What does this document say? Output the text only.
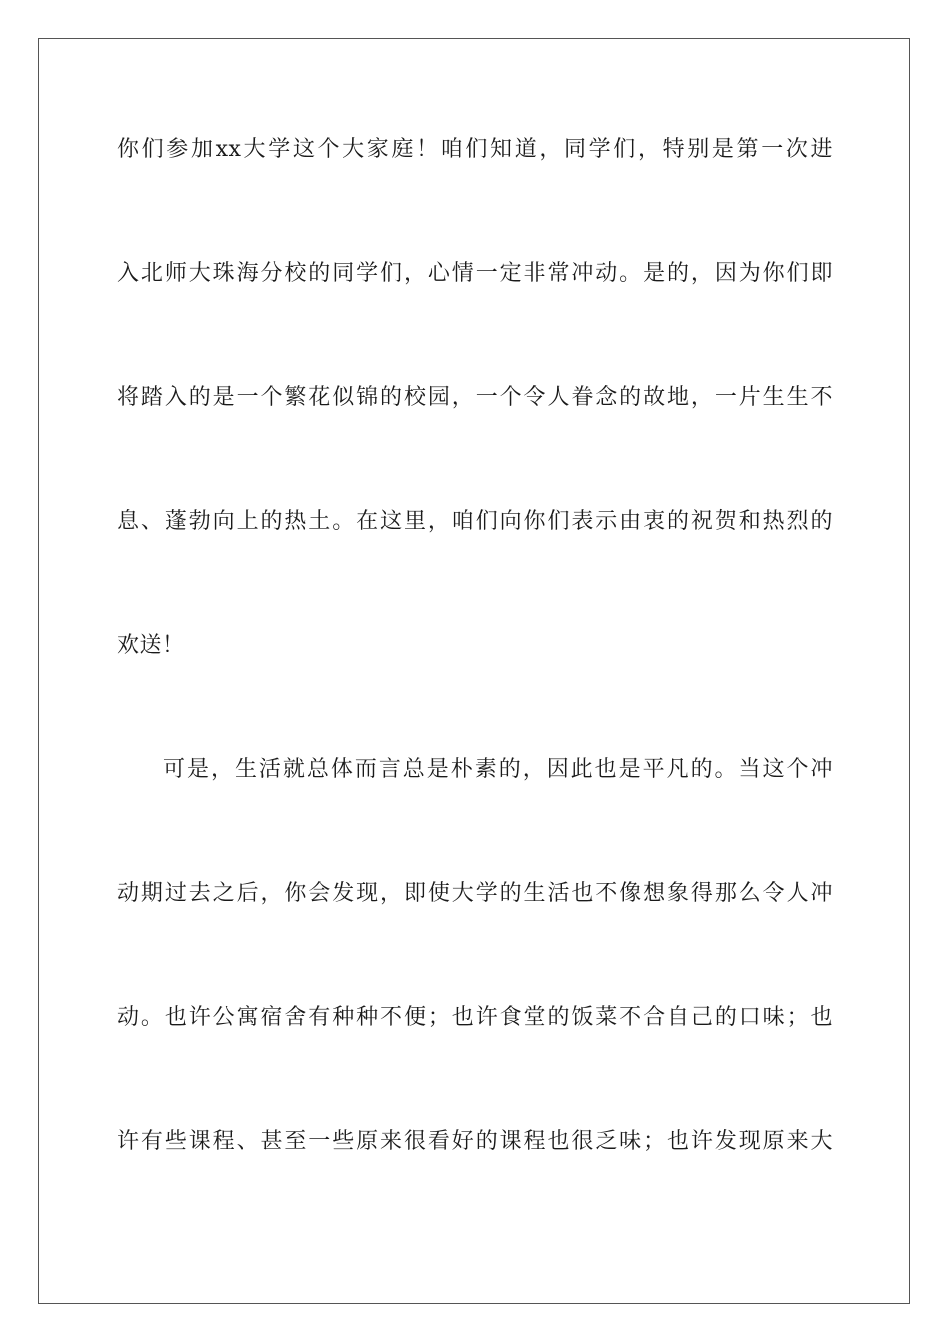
你们参加xx大学这个大家庭！咱们知道，同学们，特别是第一次进

入北师大珠海分校的同学们，心情一定非常冲动。是的，因为你们即

将踏入的是一个繁花似锦的校园，一个令人眷念的故地，一片生生不

息、蓬勃向上的热土。在这里，咱们向你们表示由衷的祝贺和热烈的

欢送！

可是，生活就总体而言总是朴素的，因此也是平凡的。当这个冲

动期过去之后，你会发现，即使大学的生活也不像想象得那么令人冲

动。也许公寓宿舍有种种不便；也许食堂的饭菜不合自己的口味；也

许有些课程、甚至一些原来很看好的课程也很乏味；也许发现原来大
